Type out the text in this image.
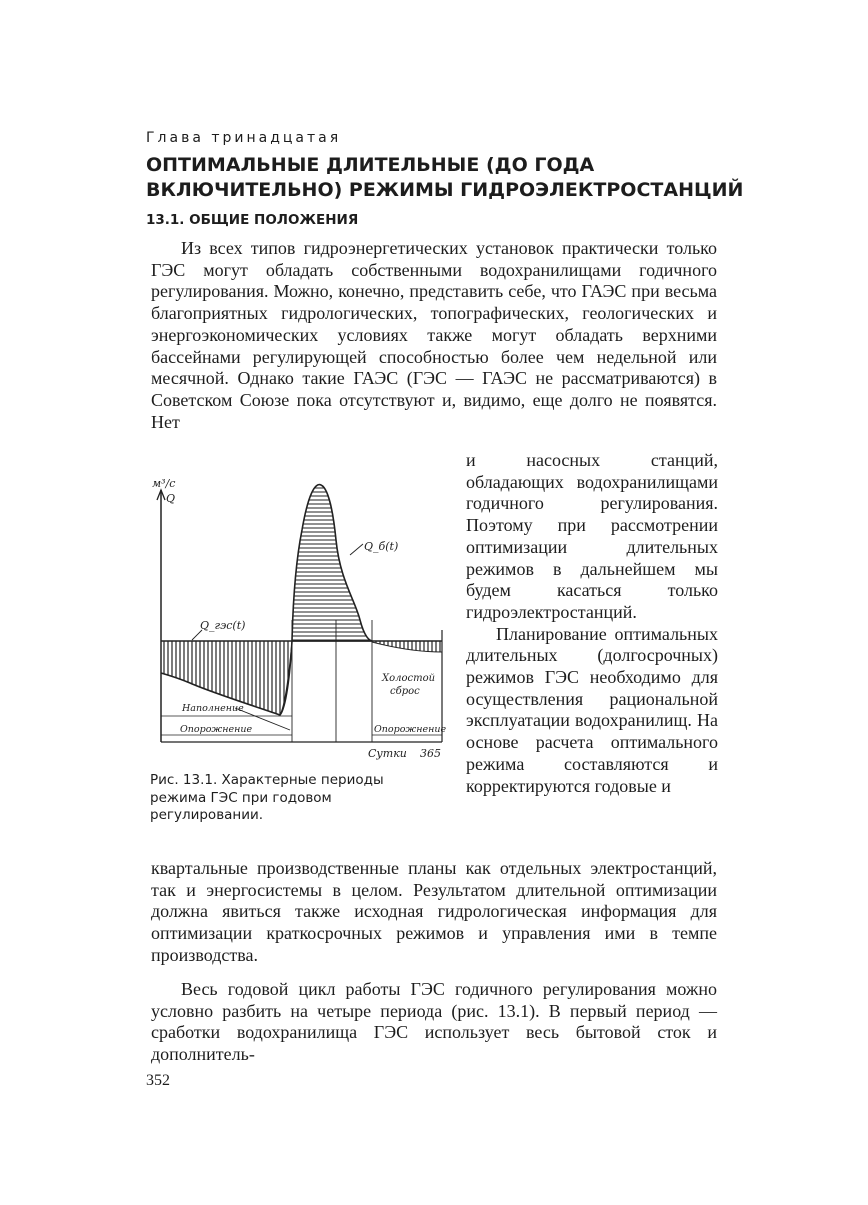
Глава тринадцатая
ОПТИМАЛЬНЫЕ ДЛИТЕЛЬНЫЕ (ДО ГОДА ВКЛЮЧИТЕЛЬНО) РЕЖИМЫ ГИДРОЭЛЕКТРОСТАНЦИЙ
13.1. ОБЩИЕ ПОЛОЖЕНИЯ
Из всех типов гидроэнергетических установок практически только ГЭС могут обладать собственными водохранилищами годичного регулирования. Можно, конечно, представить себе, что ГАЭС при весьма благоприятных гидрологических, топографических, геологических и энергоэкономических условиях также могут обладать верхними бассейнами регулирующей способностью более чем недельной или месячной. Однако такие ГАЭС (ГЭС — ГАЭС не рассматриваются) в Советском Союзе пока отсутствуют и, видимо, еще долго не появятся. Нет
м³/с
Q
Q_б(t)
Q_гэс(t)
Холостой
сброс
Наполнение
Опорожнение	Опорожнение
Сутки 365
Рис. 13.1. Характерные периоды режима ГЭС при годовом регулировании.
и насосных станций, обладающих водохранилищами годичного регулирования. Поэтому при рассмотрении оптимизации длительных режимов в дальнейшем мы будем касаться только гидроэлектростанций.
Планирование оптимальных длительных (долгосрочных) режимов ГЭС необходимо для осуществления рациональной эксплуатации водохранилищ. На основе расчета оптимального режима составляются и корректируются годовые и
квартальные производственные планы как отдельных электростанций, так и энергосистемы в целом. Результатом длительной оптимизации должна явиться также исходная гидрологическая информация для оптимизации краткосрочных режимов и управления ими в темпе производства.
Весь годовой цикл работы ГЭС годичного регулирования можно условно разбить на четыре периода (рис. 13.1). В первый период — сработки водохранилища ГЭС использует весь бытовой сток и дополнитель-
352
